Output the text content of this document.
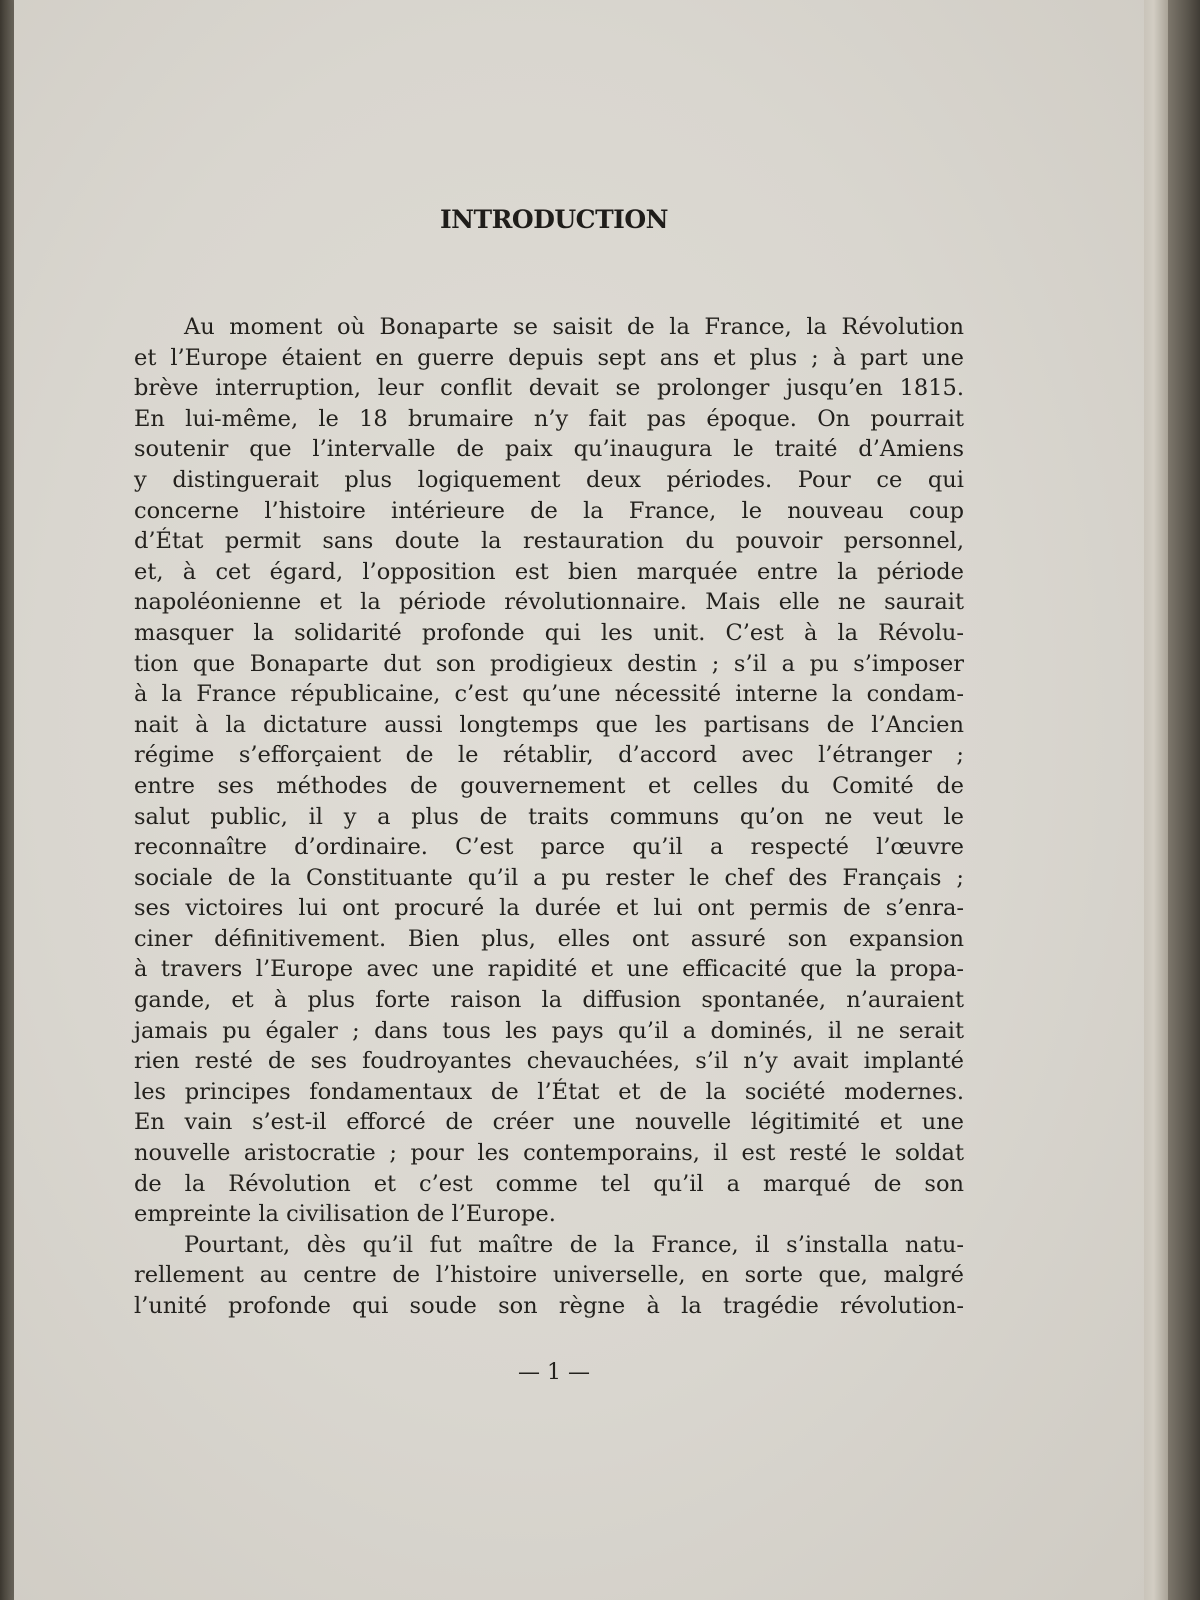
INTRODUCTION
Au moment où Bonaparte se saisit de la France, la Révolution
et l’Europe étaient en guerre depuis sept ans et plus ; à part une
brève interruption, leur conflit devait se prolonger jusqu’en 1815.
En lui-même, le 18 brumaire n’y fait pas époque. On pourrait
soutenir que l’intervalle de paix qu’inaugura le traité d’Amiens
y distinguerait plus logiquement deux périodes. Pour ce qui
concerne l’histoire intérieure de la France, le nouveau coup
d’État permit sans doute la restauration du pouvoir personnel,
et, à cet égard, l’opposition est bien marquée entre la période
napoléonienne et la période révolutionnaire. Mais elle ne saurait
masquer la solidarité profonde qui les unit. C’est à la Révolu-
tion que Bonaparte dut son prodigieux destin ; s’il a pu s’imposer
à la France républicaine, c’est qu’une nécessité interne la condam-
nait à la dictature aussi longtemps que les partisans de l’Ancien
régime s’efforçaient de le rétablir, d’accord avec l’étranger ;
entre ses méthodes de gouvernement et celles du Comité de
salut public, il y a plus de traits communs qu’on ne veut le
reconnaître d’ordinaire. C’est parce qu’il a respecté l’œuvre
sociale de la Constituante qu’il a pu rester le chef des Français ;
ses victoires lui ont procuré la durée et lui ont permis de s’enra-
ciner définitivement. Bien plus, elles ont assuré son expansion
à travers l’Europe avec une rapidité et une efficacité que la propa-
gande, et à plus forte raison la diffusion spontanée, n’auraient
jamais pu égaler ; dans tous les pays qu’il a dominés, il ne serait
rien resté de ses foudroyantes chevauchées, s’il n’y avait implanté
les principes fondamentaux de l’État et de la société modernes.
En vain s’est-il efforcé de créer une nouvelle légitimité et une
nouvelle aristocratie ; pour les contemporains, il est resté le soldat
de la Révolution et c’est comme tel qu’il a marqué de son
empreinte la civilisation de l’Europe.
Pourtant, dès qu’il fut maître de la France, il s’installa natu-
rellement au centre de l’histoire universelle, en sorte que, malgré
l’unité profonde qui soude son règne à la tragédie révolution-
— 1 —
